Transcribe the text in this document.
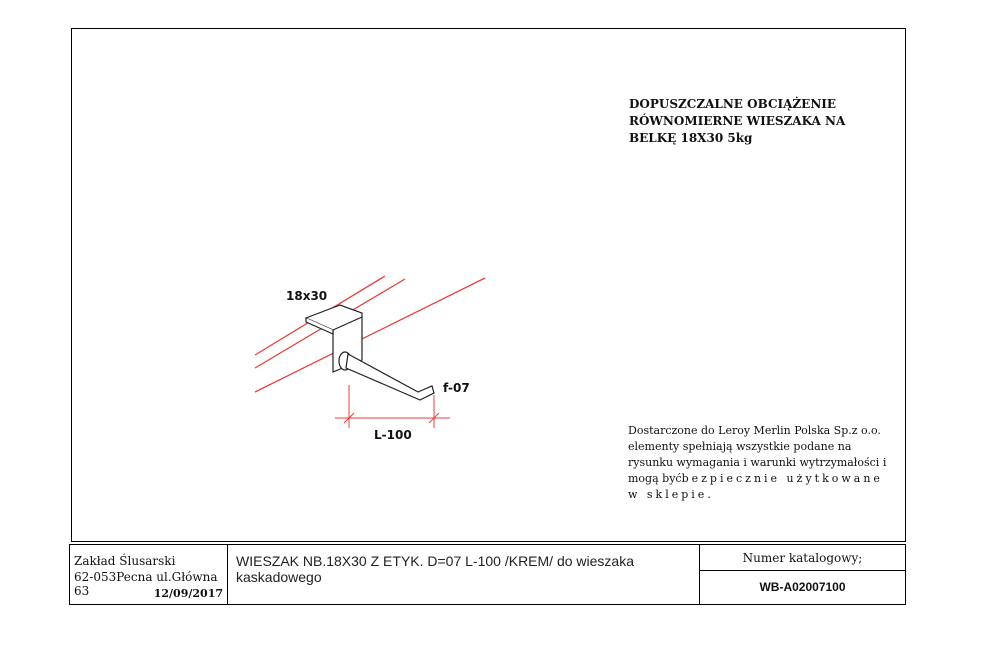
18x30
f-07
L-100
DOPUSZCZALNE OBCIĄŻENIE
RÓWNOMIERNE WIESZAKA NA
BELKĘ 18X30 5kg
Dostarczone do Leroy Merlin Polska Sp.z o.o.
elementy spełniają wszystkie podane na
rysunku wymagania i warunki wytrzymałości i
mogą byćbezpiecznie użytkowane
w sklepie.
Zakład Ślusarski
62-053Pecna ul.Główna 63	12/09/2017
WIESZAK NB.18X30 Z ETYK. D=07 L-100 /KREM/ do wieszaka kaskadowego
Numer katalogowy;
WB-A02007100
